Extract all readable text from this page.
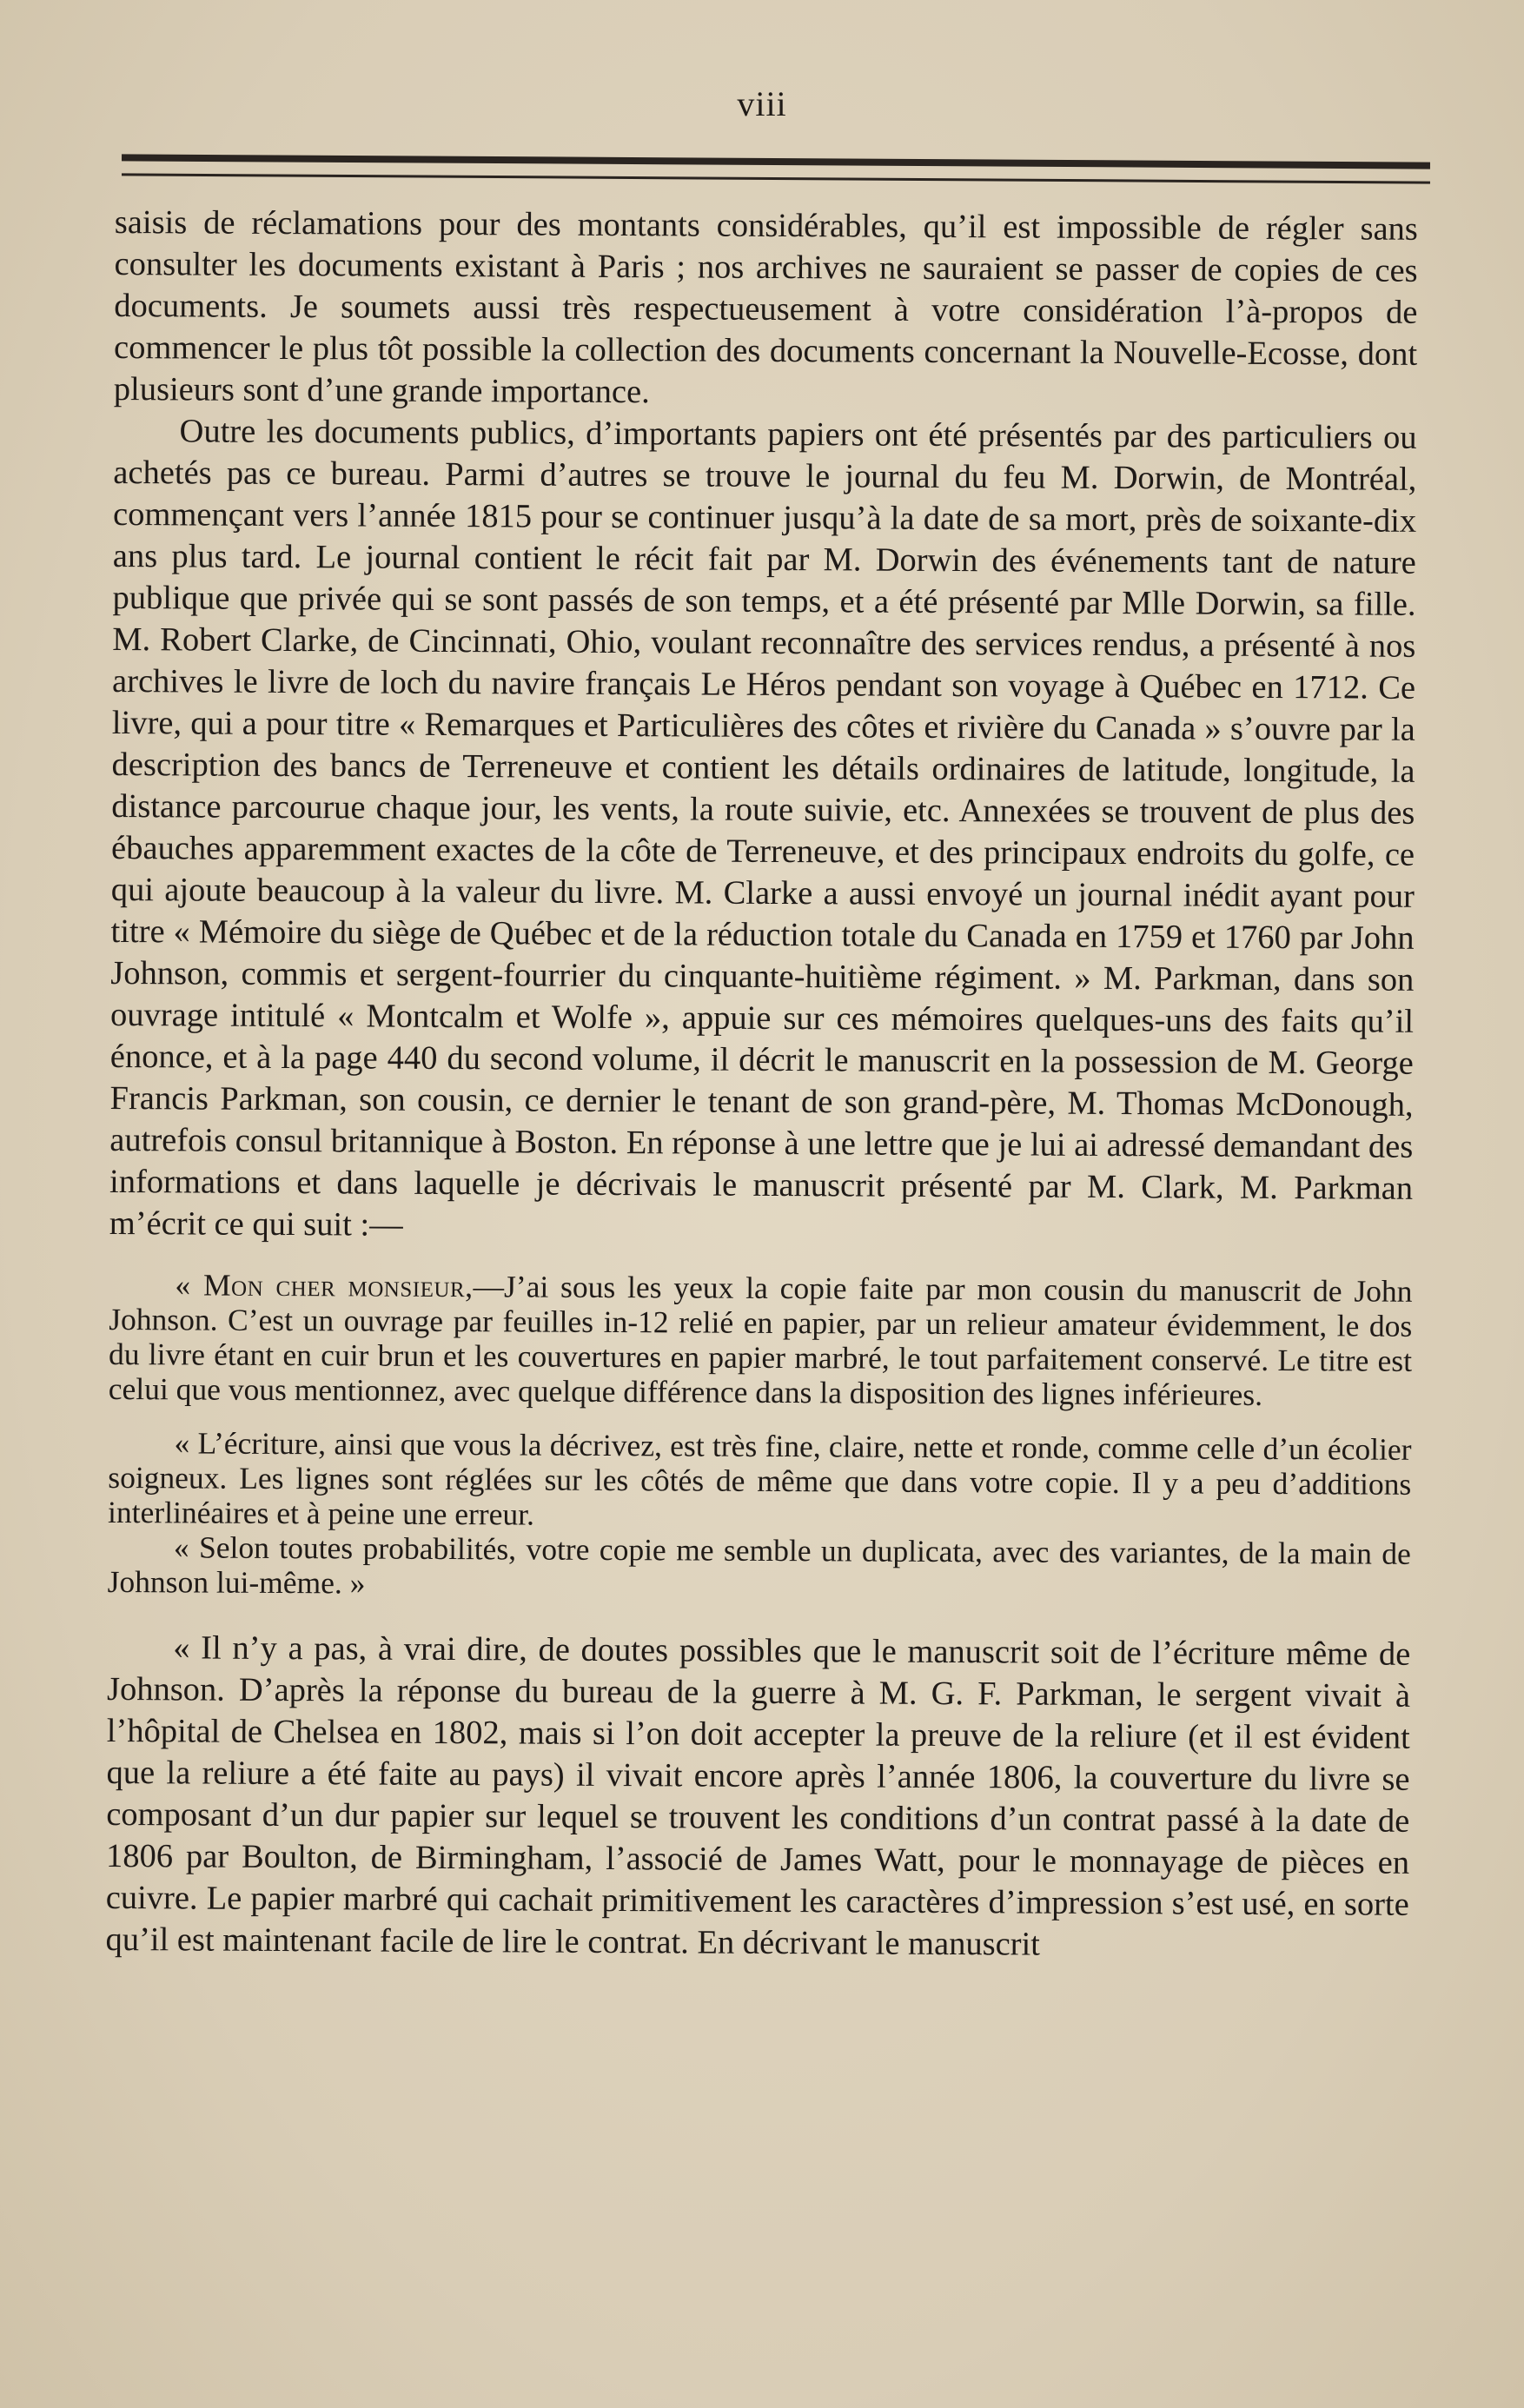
viii

saisis de réclamations pour des montants considérables, qu’il est impossible de régler sans consulter les documents existant à Paris ; nos archives ne sauraient se passer de copies de ces documents. Je soumets aussi très respectueusement à votre considération l’à-propos de commencer le plus tôt possible la collection des documents concernant la Nouvelle-Ecosse, dont plusieurs sont d’une grande importance.

Outre les documents publics, d’importants papiers ont été présentés par des particuliers ou achetés pas ce bureau. Parmi d’autres se trouve le journal du feu M. Dorwin, de Montréal, commençant vers l’année 1815 pour se continuer jusqu’à la date de sa mort, près de soixante-dix ans plus tard. Le journal contient le récit fait par M. Dorwin des événements tant de nature publique que privée qui se sont passés de son temps, et a été présenté par Mlle Dorwin, sa fille. M. Robert Clarke, de Cincinnati, Ohio, voulant reconnaître des services rendus, a présenté à nos archives le livre de loch du navire français Le Héros pendant son voyage à Québec en 1712. Ce livre, qui a pour titre « Remarques et Particulières des côtes et rivière du Canada » s’ouvre par la description des bancs de Terreneuve et contient les détails ordinaires de latitude, longitude, la distance parcourue chaque jour, les vents, la route suivie, etc. Annexées se trouvent de plus des ébauches apparemment exactes de la côte de Terreneuve, et des principaux endroits du golfe, ce qui ajoute beaucoup à la valeur du livre. M. Clarke a aussi envoyé un journal inédit ayant pour titre « Mémoire du siège de Québec et de la réduction totale du Canada en 1759 et 1760 par John Johnson, commis et sergent-fourrier du cinquante-huitième régiment. » M. Parkman, dans son ouvrage intitulé « Montcalm et Wolfe », appuie sur ces mémoires quelques-uns des faits qu’il énonce, et à la page 440 du second volume, il décrit le manuscrit en la possession de M. George Francis Parkman, son cousin, ce dernier le tenant de son grand-père, M. Thomas McDonough, autrefois consul britannique à Boston. En réponse à une lettre que je lui ai adressé demandant des informations et dans laquelle je décrivais le manuscrit présenté par M. Clark, M. Parkman m’écrit ce qui suit :—

« Mon cher monsieur,—J’ai sous les yeux la copie faite par mon cousin du manuscrit de John Johnson. C’est un ouvrage par feuilles in-12 relié en papier, par un relieur amateur évidemment, le dos du livre étant en cuir brun et les couvertures en papier marbré, le tout parfaitement conservé. Le titre est celui que vous mentionnez, avec quelque différence dans la disposition des lignes inférieures.

« L’écriture, ainsi que vous la décrivez, est très fine, claire, nette et ronde, comme celle d’un écolier soigneux. Les lignes sont réglées sur les côtés de même que dans votre copie. Il y a peu d’additions interlinéaires et à peine une erreur.

« Selon toutes probabilités, votre copie me semble un duplicata, avec des variantes, de la main de Johnson lui-même. »

« Il n’y a pas, à vrai dire, de doutes possibles que le manuscrit soit de l’écriture même de Johnson. D’après la réponse du bureau de la guerre à M. G. F. Parkman, le sergent vivait à l’hôpital de Chelsea en 1802, mais si l’on doit accepter la preuve de la reliure (et il est évident que la reliure a été faite au pays) il vivait encore après l’année 1806, la couverture du livre se composant d’un dur papier sur lequel se trouvent les conditions d’un contrat passé à la date de 1806 par Boulton, de Birmingham, l’associé de James Watt, pour le monnayage de pièces en cuivre. Le papier marbré qui cachait primitivement les caractères d’impression s’est usé, en sorte qu’il est maintenant facile de lire le contrat. En décrivant le manuscrit
